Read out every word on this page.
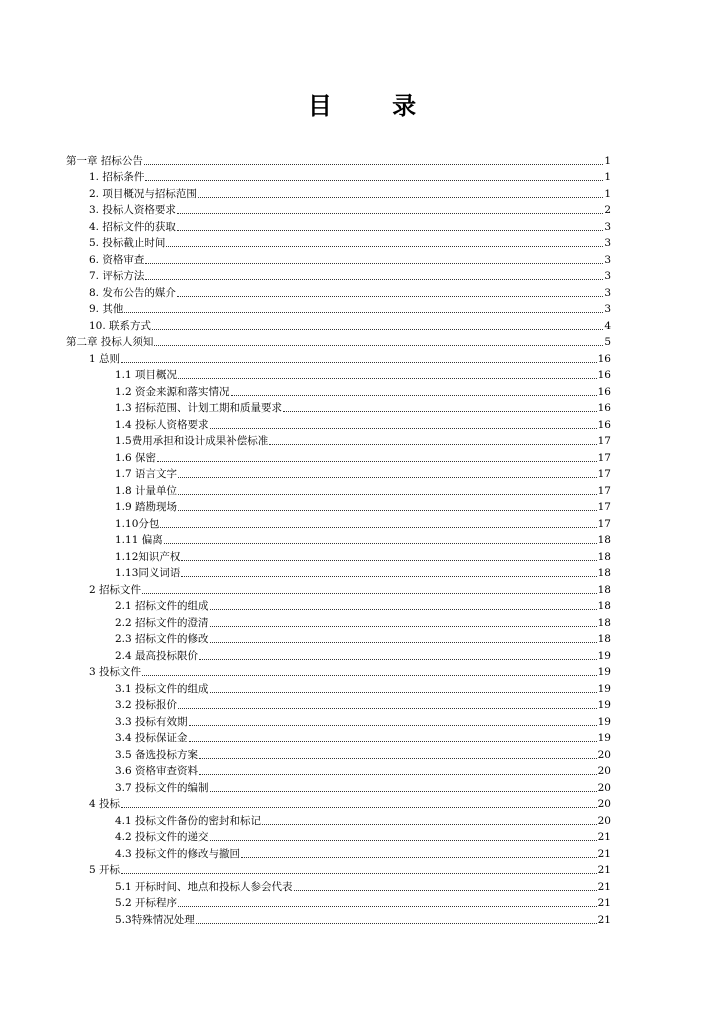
目 录
第一章 招标公告	1
1. 招标条件	1
2. 项目概况与招标范围	1
3. 投标人资格要求	2
4. 招标文件的获取	3
5. 投标截止时间	3
6. 资格审查	3
7. 评标方法	3
8. 发布公告的媒介	3
9. 其他	3
10. 联系方式	4
第二章 投标人须知	5
1 总则	16
1.1 项目概况	16
1.2 资金来源和落实情况	16
1.3 招标范围、计划工期和质量要求	16
1.4 投标人资格要求	16
1.5费用承担和设计成果补偿标准	17
1.6 保密	17
1.7 语言文字	17
1.8 计量单位	17
1.9 踏勘现场	17
1.10分包	17
1.11 偏离	18
1.12知识产权	18
1.13同义词语	18
2 招标文件	18
2.1 招标文件的组成	18
2.2 招标文件的澄清	18
2.3 招标文件的修改	18
2.4 最高投标限价	19
3 投标文件	19
3.1 投标文件的组成	19
3.2 投标报价	19
3.3 投标有效期	19
3.4 投标保证金	19
3.5 备选投标方案	20
3.6 资格审查资料	20
3.7 投标文件的编制	20
4 投标	20
4.1 投标文件备份的密封和标记	20
4.2 投标文件的递交	21
4.3 投标文件的修改与撤回	21
5 开标	21
5.1 开标时间、地点和投标人参会代表	21
5.2 开标程序	21
5.3特殊情况处理	21
